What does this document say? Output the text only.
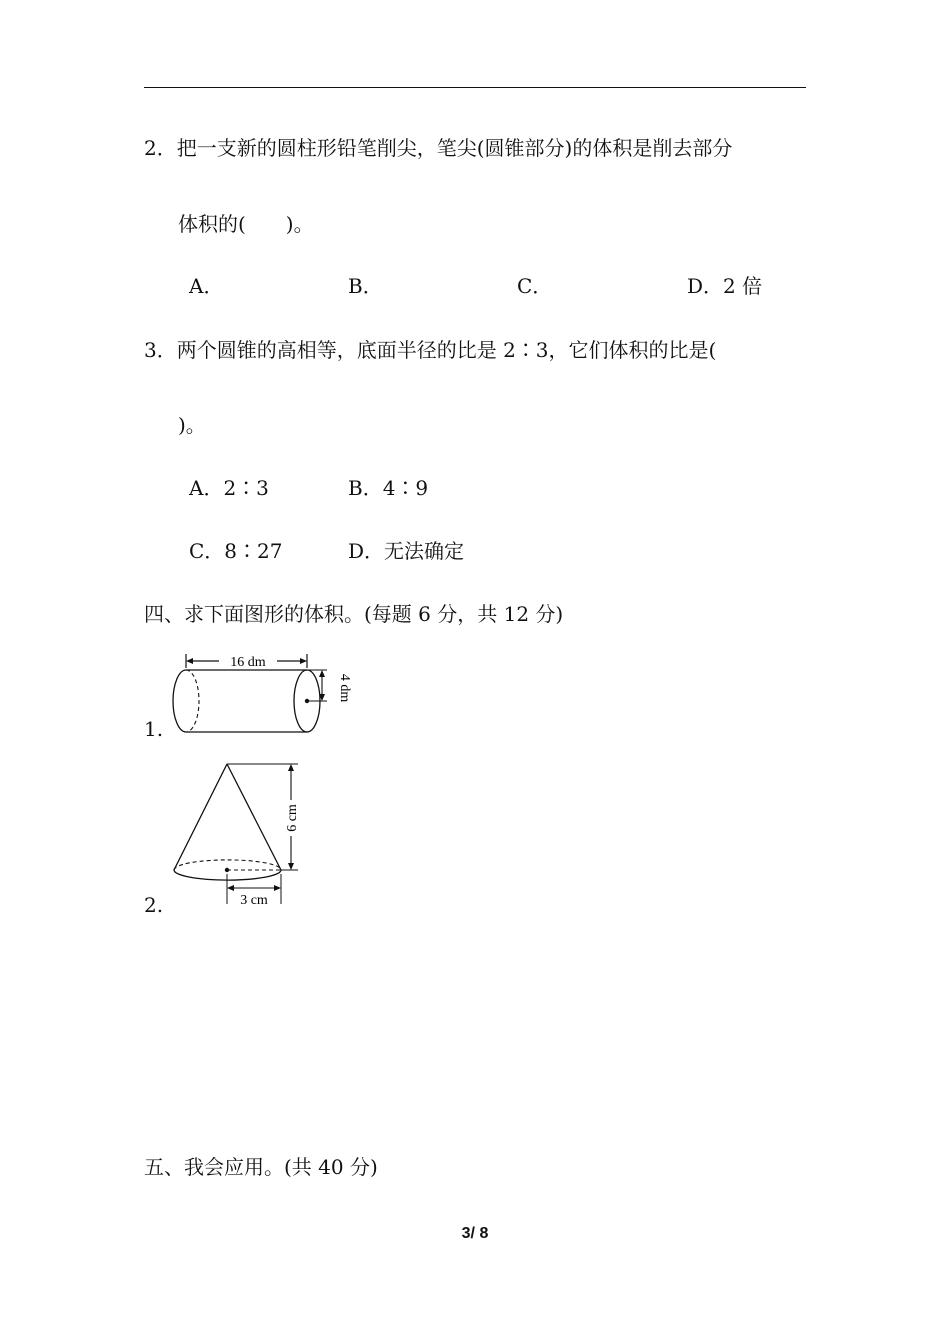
2．把一支新的圆柱形铅笔削尖，笔尖(圆锥部分)的体积是削去部分
体积的(　　)。
A．	B．	C．	D．2 倍
3．两个圆锥的高相等，底面半径的比是 2∶3，它们体积的比是(
)。
A．2∶3	B．4∶9
C．8∶27	D．无法确定
四、求下面图形的体积。(每题 6 分，共 12 分)
1.
16 dm
4 dm
2.
6 cm
3 cm
五、我会应用。(共 40 分)
3/ 8
